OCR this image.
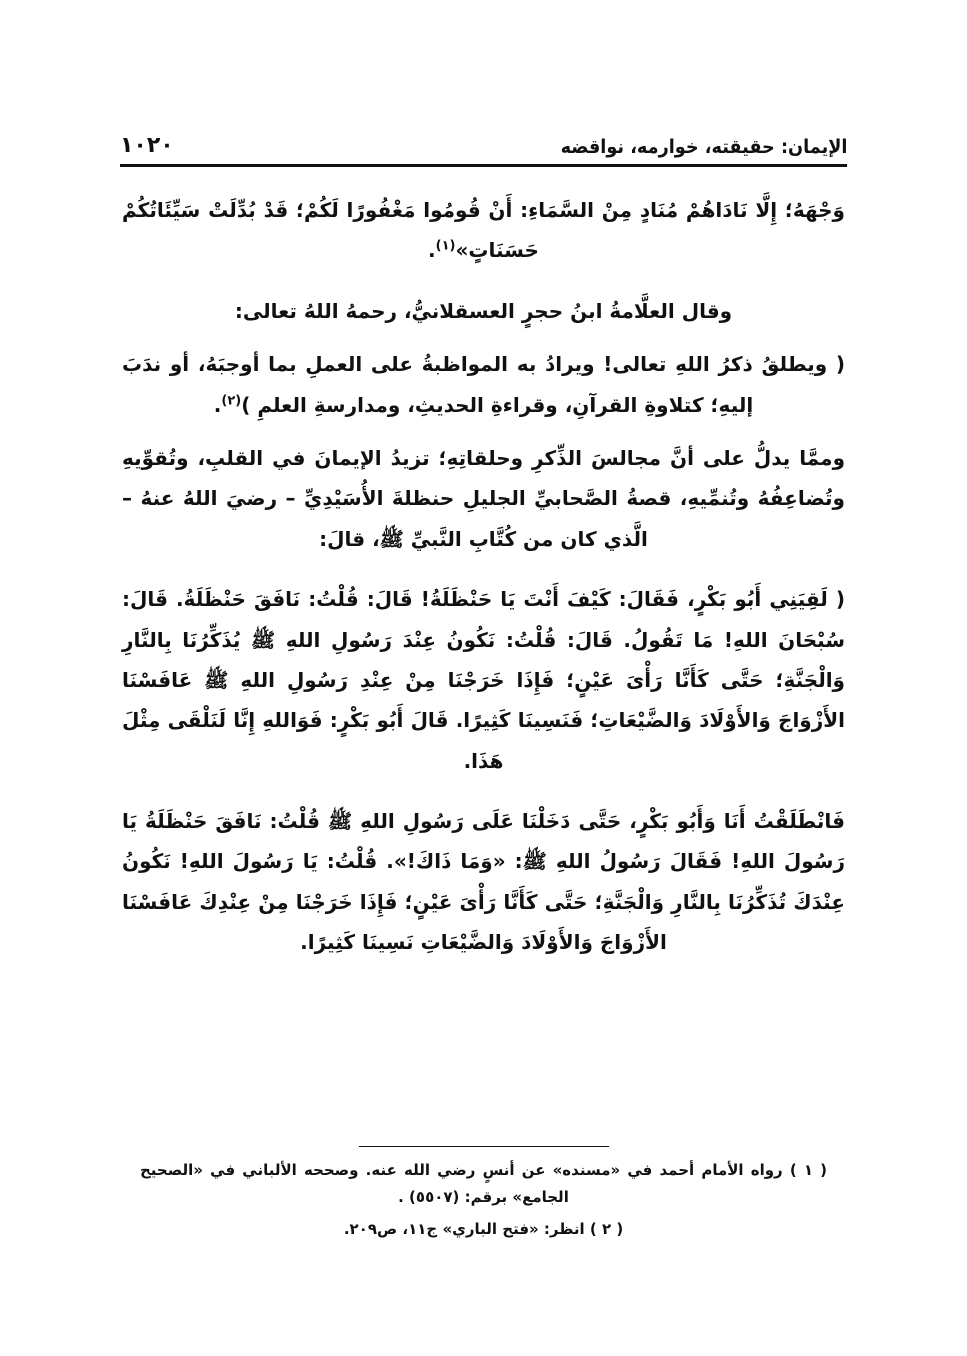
١٠٢٠	الإيمان: حقيقته، خوارمه، نواقضه

وَجْهَهُ؛ إِلَّا نَادَاهُمْ مُنَادٍ مِنْ السَّمَاءِ: أَنْ قُومُوا مَغْفُورًا لَكُمْ؛ قَدْ بُدِّلَتْ سَيِّئَاتُكُمْ حَسَنَاتٍ»$^{(١)}$.

وقال العلَّامةُ ابنُ حجرٍ العسقلانيُّ، رحمهُ اللهُ تعالى:

( ويطلقُ ذكرُ اللهِ تعالى! ويرادُ به المواظبةُ على العملِ بما أوجبَهُ، أو ندَبَ إليهِ؛ كتلاوةِ القرآنِ، وقراءةِ الحديثِ، ومدارسةِ العلمِ )$^{(٢)}$.

وممَّا يدلُّ على أنَّ مجالسَ الذِّكرِ وحلقاتِهِ؛ تزيدُ الإيمانَ في القلبِ، وتُقوِّيهِ وتُضاعِفُهُ وتُنمِّيهِ، قصةُ الصَّحابيِّ الجليلِ حنظلةَ الأُسَيْدِيِّ – رضيَ اللهُ عنهُ – الَّذي كان من كُتَّابِ النَّبيِّ ﷺ، قالَ:

( لَقِيَنِي أَبُو بَكْرٍ، فَقَالَ: كَيْفَ أَنْتَ يَا حَنْظَلَةُ! قَالَ: قُلْتُ: نَافَقَ حَنْظَلَةُ. قَالَ: سُبْحَانَ اللهِ! مَا تَقُولُ. قَالَ: قُلْتُ: نَكُونُ عِنْدَ رَسُولِ اللهِ ﷺ يُذَكِّرُنَا بِالنَّارِ وَالْجَنَّةِ؛ حَتَّى كَأَنَّا رَأْىَ عَيْنٍ؛ فَإِذَا خَرَجْنَا مِنْ عِنْدِ رَسُولِ اللهِ ﷺ عَافَسْنَا الأَزْوَاجَ وَالأَوْلَادَ وَالضَّيْعَاتِ؛ فَنَسِينَا كَثِيرًا. قَالَ أَبُو بَكْرٍ: فَوَاللهِ إِنَّا لَنَلْقَى مِثْلَ هَذَا.

فَانْطَلَقْتُ أَنَا وَأَبُو بَكْرٍ، حَتَّى دَخَلْنَا عَلَى رَسُولِ اللهِ ﷺ قُلْتُ: نَافَقَ حَنْظَلَةُ يَا رَسُولَ اللهِ! فَقَالَ رَسُولُ اللهِ ﷺ: «وَمَا ذَاكَ!». قُلْتُ: يَا رَسُولَ اللهِ! نَكُونُ عِنْدَكَ تُذَكِّرُنَا بِالنَّارِ وَالْجَنَّةِ؛ حَتَّى كَأَنَّا رَأْىَ عَيْنٍ؛ فَإِذَا خَرَجْنَا مِنْ عِنْدِكَ عَافَسْنَا الأَزْوَاجَ وَالأَوْلَادَ وَالضَّيْعَاتِ نَسِينَا كَثِيرًا.

( ١ ) رواه الأمام أحمد في «مسنده» عن أنسٍ رضي الله عنه. وصححه الألباني في «الصحيح الجامع» برقم: (٥٥٠٧) .

( ٢ ) انظر: «فتح الباري» ج١١، ص٢٠٩.
